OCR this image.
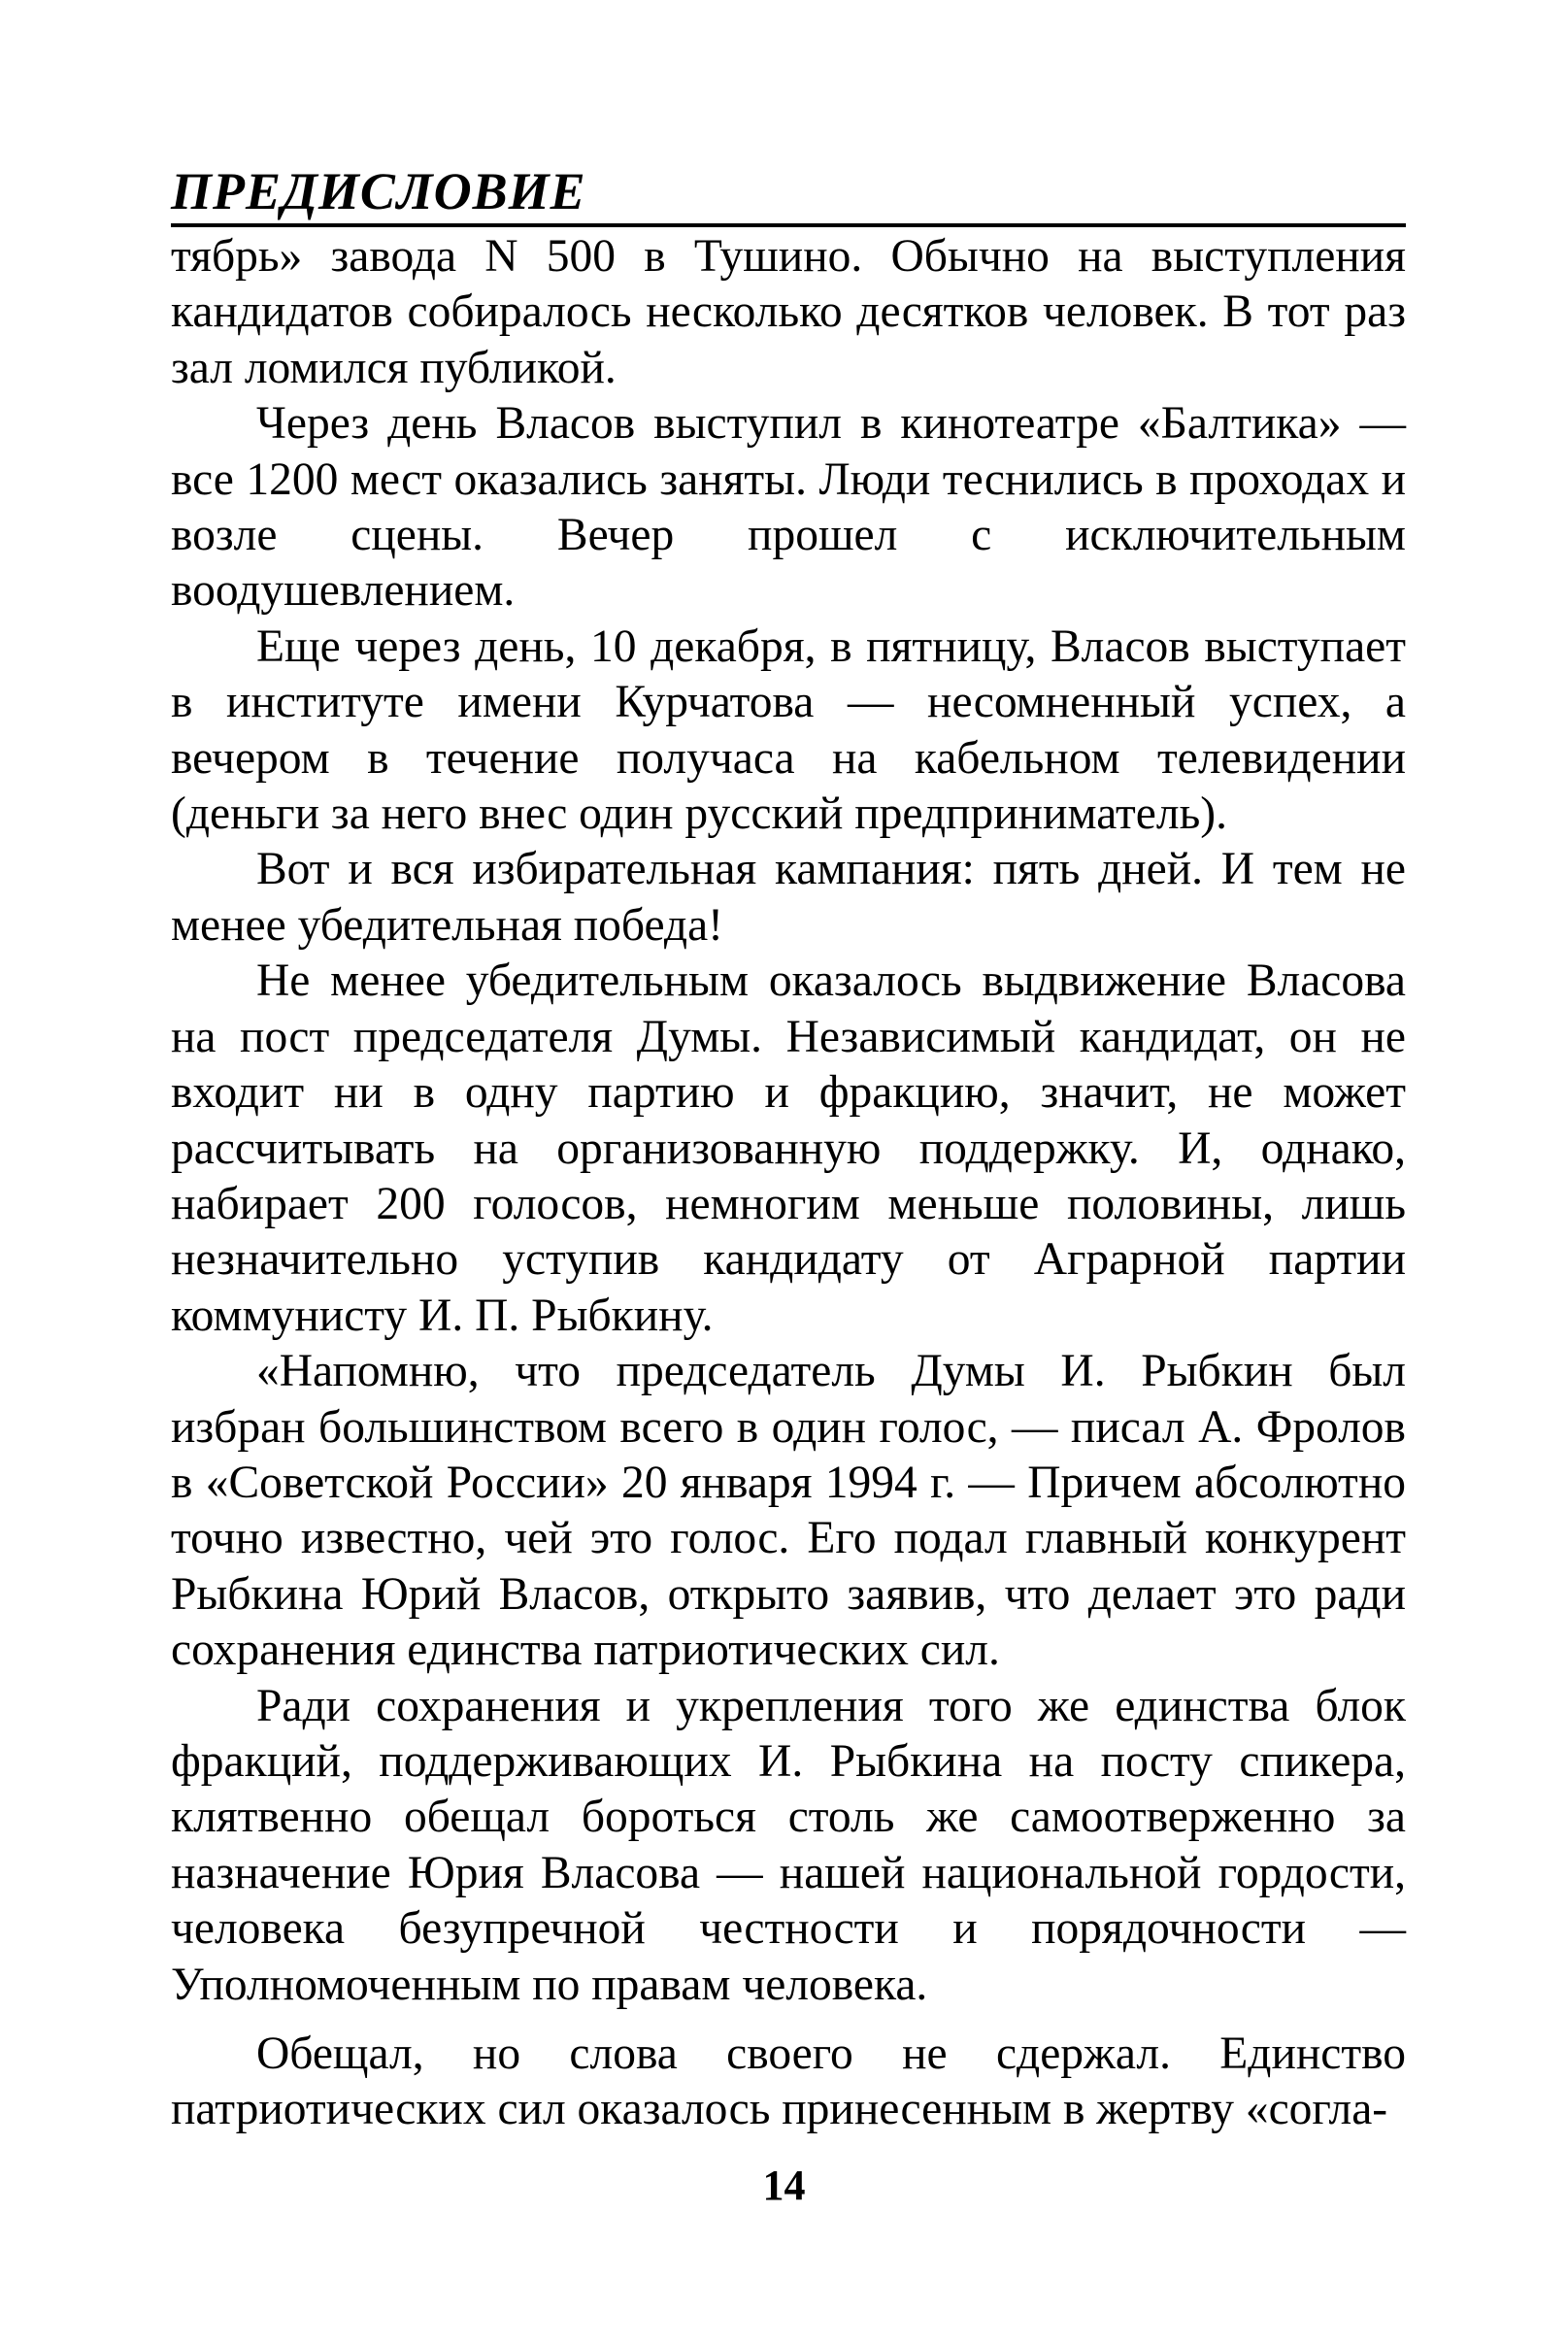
ПРЕДИСЛОВИЕ

тябрь» завода N 500 в Тушино. Обычно на выступления кандидатов собиралось несколько десятков человек. В тот раз зал ломился публикой.

Через день Власов выступил в кинотеатре «Балтика» — все 1200 мест оказались заняты. Люди теснились в проходах и возле сцены. Вечер прошел с исключительным воодушевлением.

Еще через день, 10 декабря, в пятницу, Власов выступает в институте имени Курчатова — несомненный успех, а вечером в течение получаса на кабельном телевидении (деньги за него внес один русский предприниматель).

Вот и вся избирательная кампания: пять дней. И тем не менее убедительная победа!

Не менее убедительным оказалось выдвижение Власова на пост председателя Думы. Независимый кандидат, он не входит ни в одну партию и фракцию, значит, не может рассчитывать на организованную поддержку. И, однако, набирает 200 голосов, немногим меньше половины, лишь незначительно уступив кандидату от Аграрной партии коммунисту И. П. Рыбкину.

«Напомню, что председатель Думы И. Рыбкин был избран большинством всего в один голос, — писал А. Фролов в «Советской России» 20 января 1994 г. — Причем абсолютно точно известно, чей это голос. Его подал главный конкурент Рыбкина Юрий Власов, открыто заявив, что делает это ради сохранения единства патриотических сил.

Ради сохранения и укрепления того же единства блок фракций, поддерживающих И. Рыбкина на посту спикера, клятвенно обещал бороться столь же самоотверженно за назначение Юрия Власова — нашей национальной гордости, человека безупречной честности и порядочности — Уполномоченным по правам человека.

Обещал, но слова своего не сдержал. Единство патриотических сил оказалось принесенным в жертву «согла-

14
